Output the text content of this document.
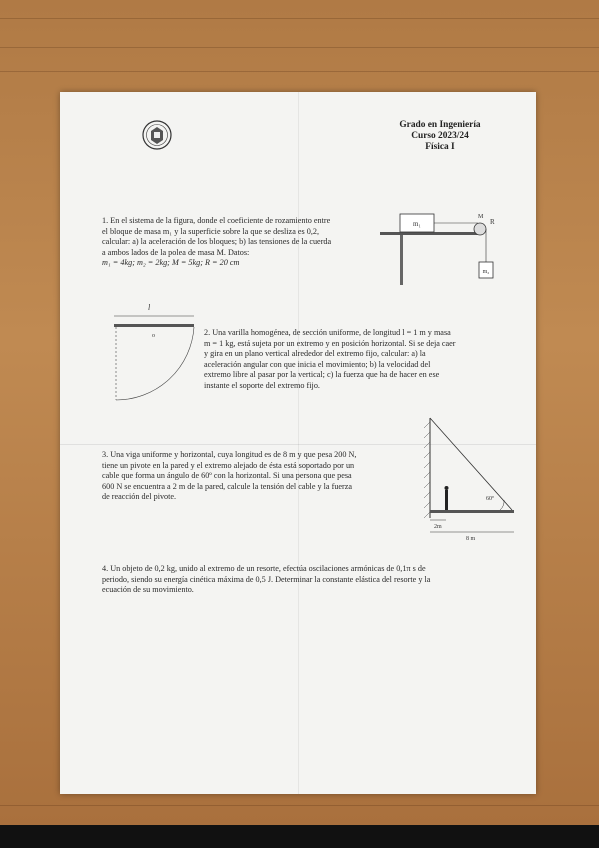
Grado en Ingeniería
Curso 2023/24
Física I
1. En el sistema de la figura, donde el coeficiente de rozamiento entre
el bloque de masa m₁ y la superficie sobre la que se desliza es 0,2,
calcular: a) la aceleración de los bloques; b) las tensiones de la cuerda
a ambos lados de la polea de masa M. Datos:
m₁ = 4kg; m₂ = 2kg; M = 5kg; R = 20 cm
m₁
M
R
m₂
l
o	2. Una varilla homogénea, de sección uniforme, de longitud l = 1 m y masa
m = 1 kg, está sujeta por un extremo y en posición horizontal. Si se deja caer
y gira en un plano vertical alrededor del extremo fijo, calcular: a) la
aceleración angular con que inicia el movimiento; b) la velocidad del
extremo libre al pasar por la vertical; c) la fuerza que ha de hacer en ese
instante el soporte del extremo fijo.
3. Una viga uniforme y horizontal, cuya longitud es de 8 m y que pesa 200 N,
tiene un pivote en la pared y el extremo alejado de ésta está soportado por un
cable que forma un ángulo de 60º con la horizontal. Si una persona que pesa
600 N se encuentra a 2 m de la pared, calcule la tensión del cable y la fuerza
de reacción del pivote.	60º
2m
8 m
4. Un objeto de 0,2 kg, unido al extremo de un resorte, efectúa oscilaciones armónicas de 0,1π s de
periodo, siendo su energía cinética máxima de 0,5 J. Determinar la constante elástica del resorte y la
ecuación de su movimiento.
